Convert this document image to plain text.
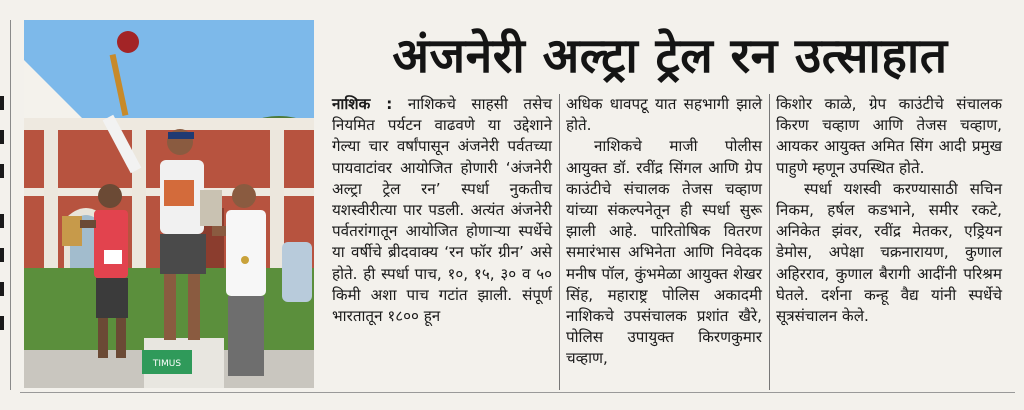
TIMUS
अंजनेरी अल्ट्रा ट्रेल रन उत्साहात

नाशिक : नाशिकचे साहसी तसेच नियमित पर्यटन वाढवणे या उद्देशाने गेल्या चार वर्षांपासून अंजनेरी पर्वतच्या पायवाटांवर आयोजित होणारी ‘अंजनेरी अल्ट्रा ट्रेल रन’ स्पर्धा नुकतीच यशस्वीरीत्या पार पडली. अत्यंत अंजनेरी पर्वतरांगातून आयोजित होणाऱ्या स्पर्धेचे या वर्षीचे ब्रीदवाक्य ‘रन फॉर ग्रीन’ असे होते. ही स्पर्धा पाच, १०, १५, ३० व ५० किमी अशा पाच गटांत झाली. संपूर्ण भारतातून १८०० हून

अधिक धावपटू यात सहभागी झाले होते.

नाशिकचे माजी पोलीस आयुक्त डॉ. रवींद्र सिंगल आणि ग्रेप काउंटीचे संचालक तेजस चव्हाण यांच्या संकल्पनेतून ही स्पर्धा सुरू झाली आहे. पारितोषिक वितरण समारंभास अभिनेता आणि निवेदक मनीष पॉल, कुंभमेळा आयुक्त शेखर सिंह, महाराष्ट्र पोलिस अकादमी नाशिकचे उपसंचालक प्रशांत खैरे, पोलिस उपायुक्त किरणकुमार चव्हाण,

किशोर काळे, ग्रेप काउंटीचे संचालक किरण चव्हाण आणि तेजस चव्हाण, आयकर आयुक्त अमित सिंग आदी प्रमुख पाहुणे म्हणून उपस्थित होते.

स्पर्धा यशस्वी करण्यासाठी सचिन निकम, हर्षल कडभाने, समीर रकटे, अनिकेत झंवर, रवींद्र मेतकर, एड्रियन डेमोस, अपेक्षा चक्रनारायण, कुणाल अहिरराव, कुणाल बैरागी आदींनी परिश्रम घेतले. दर्शना कन्हू वैद्य यांनी स्पर्धेचे सूत्रसंचालन केले.
